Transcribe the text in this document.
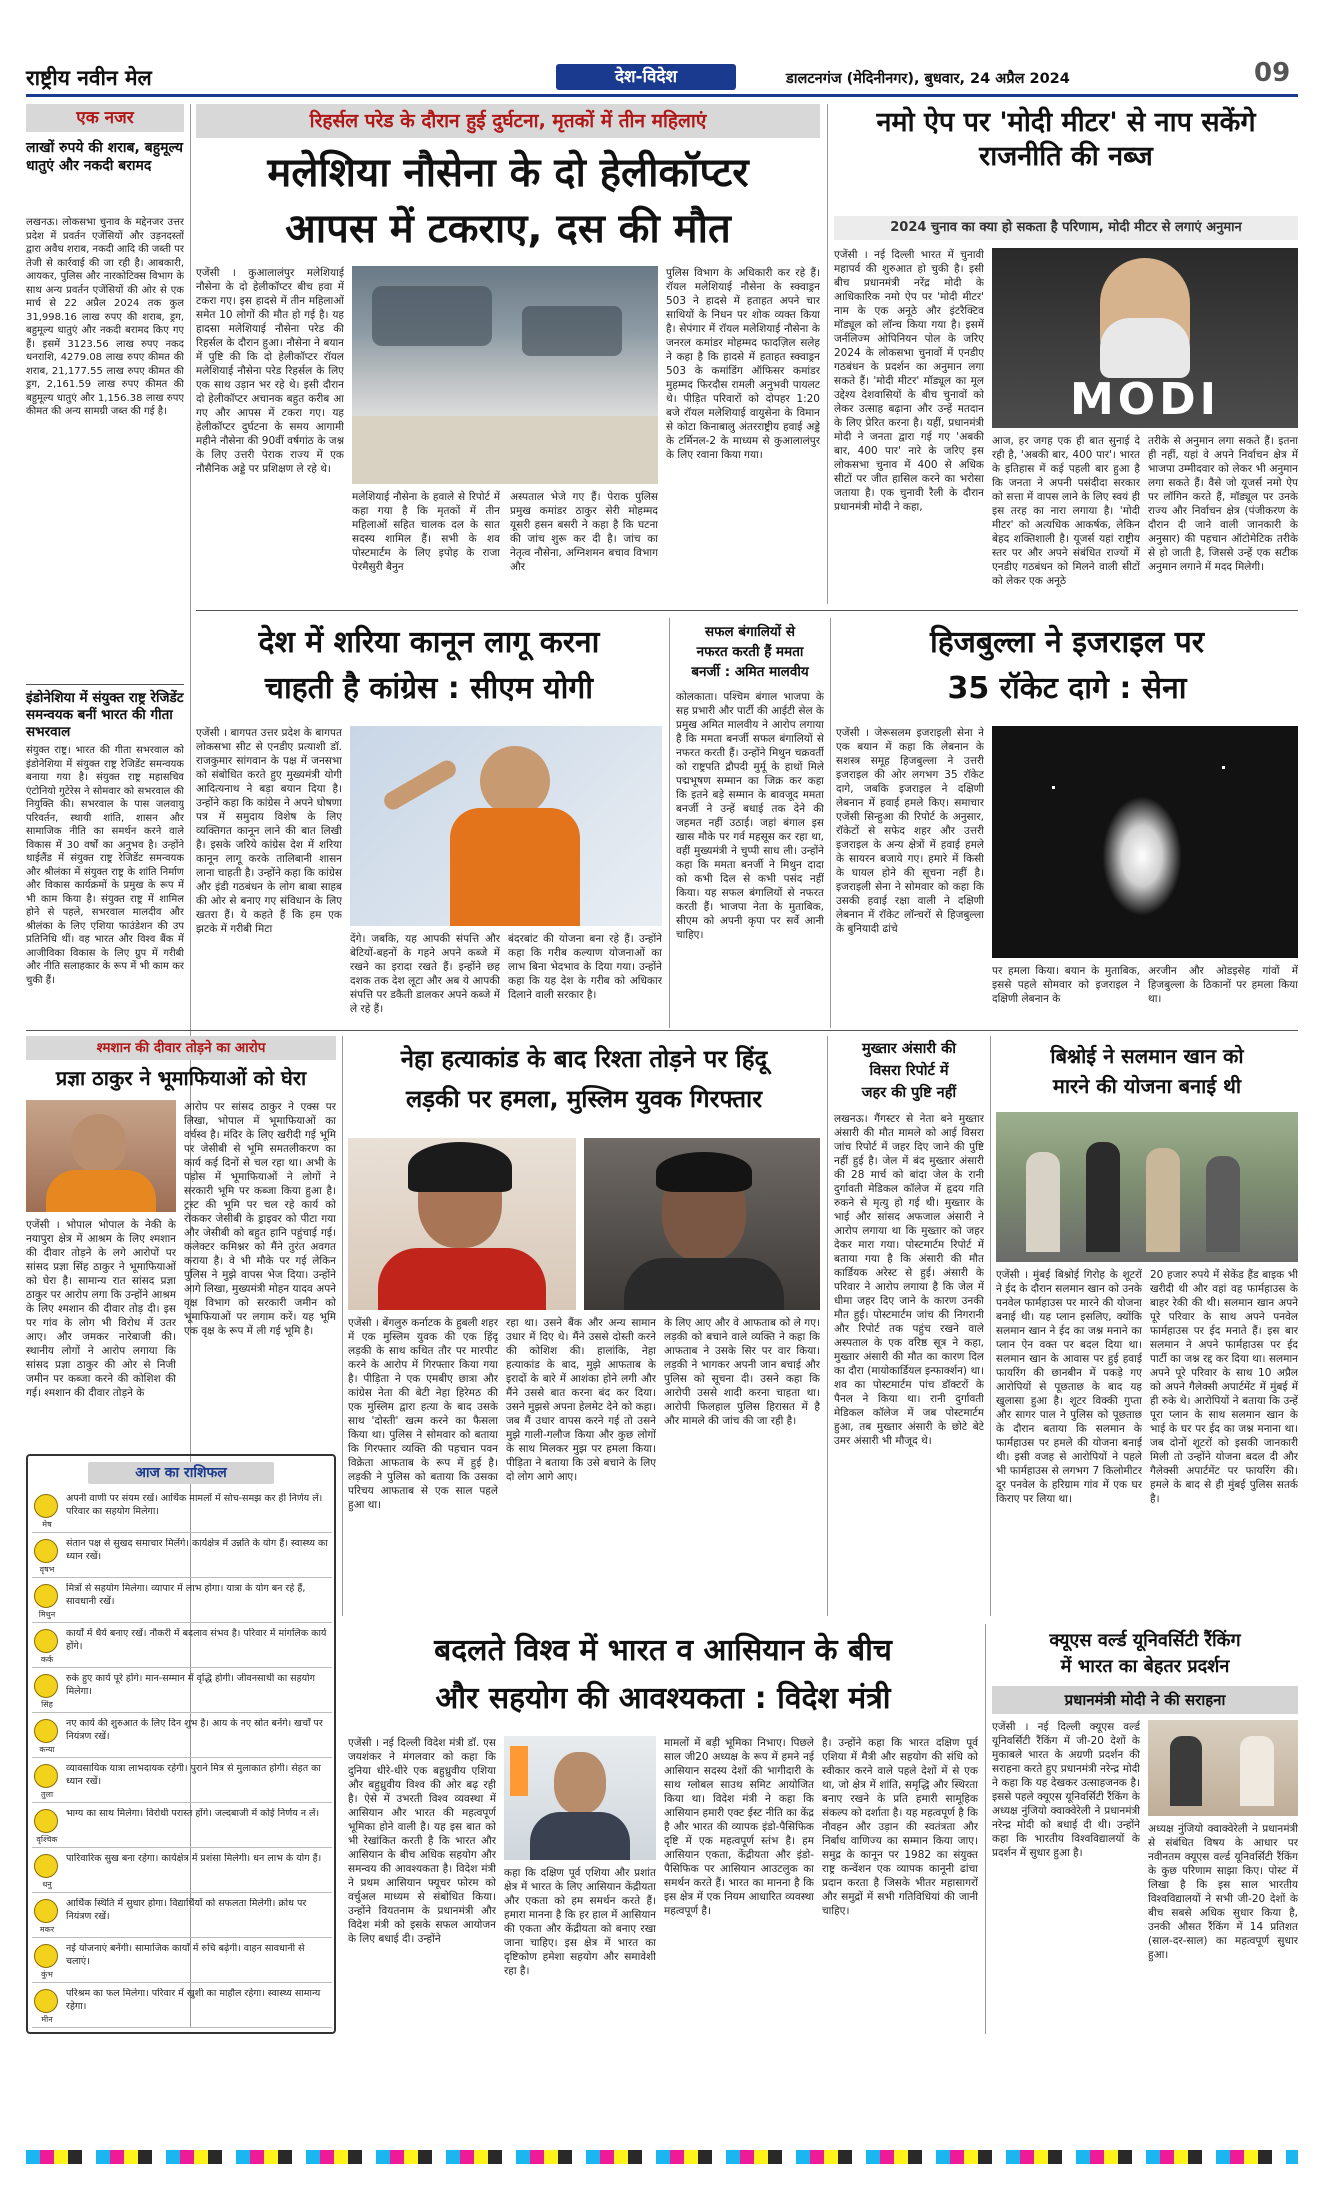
राष्ट्रीय नवीन मेल	देश-विदेश	डालटनगंज (मेदिनीनगर), बुधवार, 24 अप्रैल 2024	09
एक नजर
लाखों रुपये की शराब, बहुमूल्य धातुएं और नकदी बरामद
लखनऊ। लोकसभा चुनाव के मद्देनजर उत्तर प्रदेश में प्रवर्तन एजेंसियों और उड़नदस्तों द्वारा अवैध शराब, नकदी आदि की जब्ती पर तेजी से कार्रवाई की जा रही है। आबकारी, आयकर, पुलिस और नारकोटिक्स विभाग के साथ अन्य प्रवर्तन एजेंसियों की ओर से एक मार्च से 22 अप्रैल 2024 तक कुल 31,998.16 लाख रुपए की शराब, ड्रग, बहुमूल्य धातुएं और नकदी बरामद किए गए हैं। इसमें 3123.56 लाख रुपए नकद धनराशि, 4279.08 लाख रुपए कीमत की शराब, 21,177.55 लाख रुपए कीमत की ड्रग, 2,161.59 लाख रुपए कीमत की बहुमूल्य धातुएं और 1,156.38 लाख रुपए कीमत की अन्य सामग्री जब्त की गई है।
इंडोनेशिया में संयुक्त राष्ट्र रेजिडेंट समन्वयक बनीं भारत की गीता सभरवाल
संयुक्त राष्ट्र। भारत की गीता सभरवाल को इंडोनेशिया में संयुक्त राष्ट्र रेजिडेंट समन्वयक बनाया गया है। संयुक्त राष्ट्र महासचिव एंटोनियो गुटेरेस ने सोमवार को सभरवाल की नियुक्ति की। सभरवाल के पास जलवायु परिवर्तन, स्थायी शांति, शासन और सामाजिक नीति का समर्थन करने वाले विकास में 30 वर्षों का अनुभव है। उन्होंने थाईलैंड में संयुक्त राष्ट्र रेजिडेंट समन्वयक और श्रीलंका में संयुक्त राष्ट्र के शांति निर्माण और विकास कार्यक्रमों के प्रमुख के रूप में भी काम किया है। संयुक्त राष्ट्र में शामिल होने से पहले, सभरवाल मालदीव और श्रीलंका के लिए एशिया फाउंडेशन की उप प्रतिनिधि थीं। वह भारत और विश्व बैंक में आजीविका विकास के लिए ग्रुप में गरीबी और नीति सलाहकार के रूप में भी काम कर चुकी हैं।
रिहर्सल परेड के दौरान हुई दुर्घटना, मृतकों में तीन महिलाएं
मलेशिया नौसेना के दो हेलीकॉप्टर
आपस में टकराए, दस की मौत
एजेंसी । कुआलालंपुर मलेशियाई नौसेना के दो हेलीकॉप्टर बीच हवा में टकरा गए। इस हादसे में तीन महिलाओं समेत 10 लोगों की मौत हो गई है। यह हादसा मलेशियाई नौसेना परेड की रिहर्सल के दौरान हुआ। नौसेना ने बयान में पुष्टि की कि दो हेलीकॉप्टर रॉयल मलेशियाई नौसेना परेड रिहर्सल के लिए एक साथ उड़ान भर रहे थे। इसी दौरान दो हेलीकॉप्टर अचानक बहुत करीब आ गए और आपस में टकरा गए। यह हेलीकॉप्टर दुर्घटना के समय आगामी महीने नौसेना की 90वीं वर्षगांठ के जश्न के लिए उत्तरी पेराक राज्य में एक नौसैनिक अड्डे पर प्रशिक्षण ले रहे थे।
मलेशियाई नौसेना के हवाले से रिपोर्ट में कहा गया है कि मृतकों में तीन महिलाओं सहित चालक दल के सात सदस्य शामिल हैं। सभी के शव पोस्टमार्टम के लिए इपोह के राजा पेरमैसुरी बैनुन
अस्पताल भेजे गए हैं। पेराक पुलिस प्रमुख कमांडर ठाकुर सेरी मोहम्मद यूसरी हसन बसरी ने कहा है कि घटना की जांच शुरू कर दी है। जांच का नेतृत्व नौसेना, अग्निशमन बचाव विभाग और
पुलिस विभाग के अधिकारी कर रहे हैं। रॉयल मलेशियाई नौसेना के स्क्वाड्रन 503 ने हादसे में हताहत अपने चार साथियों के निधन पर शोक व्यक्त किया है। सेपंगार में रॉयल मलेशियाई नौसेना के जनरल कमांडर मोहम्मद फादज़िल सलेह ने कहा है कि हादसे में हताहत स्क्वाड्रन 503 के कमांडिंग ऑफिसर कमांडर मुहम्मद फिरदौस रामली अनुभवी पायलट थे। पीड़ित परिवारों को दोपहर 1:20 बजे रॉयल मलेशियाई वायुसेना के विमान से कोटा किनाबालु अंतरराष्ट्रीय हवाई अड्डे के टर्मिनल-2 के माध्यम से कुआलालंपुर के लिए रवाना किया गया।
नमो ऐप पर 'मोदी मीटर' से नाप सकेंगे राजनीति की नब्ज
2024 चुनाव का क्या हो सकता है परिणाम, मोदी मीटर से लगाएं अनुमान
एजेंसी । नई दिल्ली भारत में चुनावी महापर्व की शुरुआत हो चुकी है। इसी बीच प्रधानमंत्री नरेंद्र मोदी के आधिकारिक नमो ऐप पर 'मोदी मीटर' नाम के एक अनूठे और इंटरैक्टिव मॉड्यूल को लॉन्च किया गया है। इसमें जर्नलिज्म ओपिनियन पोल के जरिए 2024 के लोकसभा चुनावों में एनडीए गठबंधन के प्रदर्शन का अनुमान लगा सकते हैं। 'मोदी मीटर' मॉड्यूल का मूल उद्देश्य देशवासियों के बीच चुनावों को लेकर उत्साह बढ़ाना और उन्हें मतदान के लिए प्रेरित करना है। यहीं, प्रधानमंत्री मोदी ने जनता द्वारा गई गए 'अबकी बार, 400 पार' नारे के जरिए इस लोकसभा चुनाव में 400 से अधिक सीटों पर जीत हासिल करने का भरोसा जताया है। एक चुनावी रैली के दौरान प्रधानमंत्री मोदी ने कहा,
MODI
आज, हर जगह एक ही बात सुनाई दे रही है, 'अबकी बार, 400 पार'। भारत के इतिहास में कई पहली बार हुआ है कि जनता ने अपनी पसंदीदा सरकार को सत्ता में वापस लाने के लिए स्वयं ही इस तरह का नारा लगाया है। 'मोदी मीटर' को अत्यधिक आकर्षक, लेकिन बेहद शक्तिशाली है। यूजर्स यहां राष्ट्रीय स्तर पर और अपने संबंधित राज्यों में एनडीए गठबंधन को मिलने वाली सीटों को लेकर एक अनूठे
तरीके से अनुमान लगा सकते हैं। इतना ही नहीं, यहां वे अपने निर्वाचन क्षेत्र में भाजपा उम्मीदवार को लेकर भी अनुमान लगा सकते हैं। वैसे जो यूजर्स नमो ऐप पर लॉगिन करते हैं, मॉड्यूल पर उनके राज्य और निर्वाचन क्षेत्र (पंजीकरण के दौरान दी जाने वाली जानकारी के अनुसार) की पहचान ऑटोमेटिक तरीके से हो जाती है, जिससे उन्हें एक सटीक अनुमान लगाने में मदद मिलेगी।
देश में शरिया कानून लागू करना
चाहती है कांग्रेस : सीएम योगी
एजेंसी । बागपत उत्तर प्रदेश के बागपत लोकसभा सीट से एनडीए प्रत्याशी डॉ. राजकुमार सांगवान के पक्ष में जनसभा को संबोधित करते हुए मुख्यमंत्री योगी आदित्यनाथ ने बड़ा बयान दिया है। उन्होंने कहा कि कांग्रेस ने अपने घोषणा पत्र में समुदाय विशेष के लिए व्यक्तिगत कानून लाने की बात लिखी है। इसके जरिये कांग्रेस देश में शरिया कानून लागू करके तालिबानी शासन लाना चाहती है। उन्होंने कहा कि कांग्रेस और इंडी गठबंधन के लोग बाबा साहब की ओर से बनाए गए संविधान के लिए खतरा हैं। ये कहते हैं कि हम एक झटके में गरीबी मिटा
देंगे। जबकि, यह आपकी संपत्ति और बेटियों-बहनों के गहने अपने कब्जे में रखने का इरादा रखते हैं। इन्होंने छह दशक तक देश लूटा और अब ये आपकी संपत्ति पर डकैती डालकर अपने कब्जे में ले रहे हैं।
बंदरबांट की योजना बना रहे हैं। उन्होंने कहा कि गरीब कल्याण योजनाओं का लाभ बिना भेदभाव के दिया गया। उन्होंने कहा कि यह देश के गरीब को अधिकार दिलाने वाली सरकार है।
सफल बंगालियों से
नफरत करती हैं ममता
बनर्जी : अमित मालवीय
कोलकाता। पश्चिम बंगाल भाजपा के सह प्रभारी और पार्टी की आईटी सेल के प्रमुख अमित मालवीय ने आरोप लगाया है कि ममता बनर्जी सफल बंगालियों से नफरत करती हैं। उन्होंने मिथुन चक्रवर्ती को राष्ट्रपति द्रौपदी मुर्मू के हाथों मिले पद्मभूषण सम्मान का जिक्र कर कहा कि इतने बड़े सम्मान के बावजूद ममता बनर्जी ने उन्हें बधाई तक देने की जहमत नहीं उठाई। जहां बंगाल इस खास मौके पर गर्व महसूस कर रहा था, वहीं मुख्यमंत्री ने चुप्पी साध ली। उन्होंने कहा कि ममता बनर्जी ने मिथुन दादा को कभी दिल से कभी पसंद नहीं किया। यह सफल बंगालियों से नफरत करती हैं। भाजपा नेता के मुताबिक, सीएम को अपनी कृपा पर सर्वे आनी चाहिए।
हिजबुल्ला ने इजराइल पर
35 रॉकेट दागे : सेना
एजेंसी । जेरूसलम इजराइली सेना ने एक बयान में कहा कि लेबनान के सशस्त्र समूह हिजबुल्ला ने उत्तरी इजराइल की ओर लगभग 35 रॉकेट दागे, जबकि इजराइल ने दक्षिणी लेबनान में हवाई हमले किए। समाचार एजेंसी सिन्हुआ की रिपोर्ट के अनुसार, रॉकेटों से सफेद शहर और उत्तरी इजराइल के अन्य क्षेत्रों में हवाई हमले के सायरन बजाये गए। हमारे में किसी के घायल होने की सूचना नहीं है। इजराइली सेना ने सोमवार को कहा कि उसकी हवाई रक्षा वाली ने दक्षिणी लेबनान में रॉकेट लॉन्चरों से हिजबुल्ला के बुनियादी ढांचे
पर हमला किया। बयान के मुताबिक, इससे पहले सोमवार को इजराइल ने दक्षिणी लेबनान के
अरजीन और ओडइसेह गांवों में हिजबुल्ला के ठिकानों पर हमला किया था।
श्मशान की दीवार तोड़ने का आरोप
प्रज्ञा ठाकुर ने भूमाफियाओं को घेरा
एजेंसी । भोपाल भोपाल के नेकी के नयापुरा क्षेत्र में आश्रम के लिए श्मशान की दीवार तोड़ने के लगे आरोपों पर सांसद प्रज्ञा सिंह ठाकुर ने भूमाफियाओं को घेरा है। सामान्य रात सांसद प्रज्ञा ठाकुर पर आरोप लगा कि उन्होंने आश्रम के लिए श्मशान की दीवार तोड़ दी। इस पर गांव के लोग भी विरोध में उतर आए। और जमकर नारेबाजी की। स्थानीय लोगों ने आरोप लगाया कि सांसद प्रज्ञा ठाकुर की ओर से निजी जमीन पर कब्जा करने की कोशिश की गई। श्मशान की दीवार तोड़ने के
आरोप पर सांसद ठाकुर ने एक्स पर लिखा, भोपाल में भूमाफियाओं का वर्चस्व है। मंदिर के लिए खरीदी गई भूमि पर जेसीबी से भूमि समतलीकरण का कार्य कई दिनों से चल रहा था। अभी के पड़ोस में भूमाफियाओं ने लोगों ने सरकारी भूमि पर कब्जा किया हुआ है। ट्रस्ट की भूमि पर चल रहे कार्य को रोककर जेसीबी के ड्राइवर को पीटा गया और जेसीबी को बहुत हानि पहुंचाई गई। कलेक्टर कमिश्नर को मैंने तुरंत अवगत कराया है। वे भी मौके पर गई लेकिन पुलिस ने मुझे वापस भेज दिया। उन्होंने आगे लिखा, मुख्यमंत्री मोहन यादव अपने वृक्ष विभाग को सरकारी जमीन को भूमाफियाओं पर लगाम करें। यह भूमि एक वृक्ष के रूप में ली गई भूमि है।
नेहा हत्याकांड के बाद रिश्ता तोड़ने पर हिंदू
लड़की पर हमला, मुस्लिम युवक गिरफ्तार
एजेंसी । बेंगलुरु कर्नाटक के हुबली शहर में एक मुस्लिम युवक की एक हिंदू लड़की के साथ कथित तौर पर मारपीट करने के आरोप में गिरफ्तार किया गया है। पीड़िता ने एक एमबीए छात्रा और कांग्रेस नेता की बेटी नेहा हिरेमठ की एक मुस्लिम द्वारा हत्या के बाद उसके साथ 'दोस्ती' खत्म करने का फैसला किया था। पुलिस ने सोमवार को बताया कि गिरफ्तार व्यक्ति की पहचान पवन विक्रेता आफताब के रूप में हुई है। लड़की ने पुलिस को बताया कि उसका परिचय आफताब से एक साल पहले हुआ था।
रहा था। उसने बैंक और अन्य सामान उधार में दिए थे। मैंने उससे दोस्ती करने की कोशिश की। हालांकि, नेहा हत्याकांड के बाद, मुझे आफताब के इरादों के बारे में आशंका होने लगी और मैंने उससे बात करना बंद कर दिया। उसने मुझसे अपना हेलमेट देने को कहा। जब मैं उधार वापस करने गई तो उसने मुझे गाली-गलौज किया और कुछ लोगों के साथ मिलकर मुझ पर हमला किया। पीड़िता ने बताया कि उसे बचाने के लिए दो लोग आगे आए।
के लिए आए और वे आफताब को ले गए। लड़की को बचाने वाले व्यक्ति ने कहा कि आफताब ने उसके सिर पर वार किया। लड़की ने भागकर अपनी जान बचाई और पुलिस को सूचना दी। उसने कहा कि आरोपी उससे शादी करना चाहता था। आरोपी फिलहाल पुलिस हिरासत में है और मामले की जांच की जा रही है।
मुख्तार अंसारी की
विसरा रिपोर्ट में
जहर की पुष्टि नहीं
लखनऊ। गैंगस्टर से नेता बने मुख्तार अंसारी की मौत मामले को आई विसरा जांच रिपोर्ट में जहर दिए जाने की पुष्टि नहीं हुई है। जेल में बंद मुख्तार अंसारी की 28 मार्च को बांदा जेल के रानी दुर्गावती मेडिकल कॉलेज में हृदय गति रुकने से मृत्यु हो गई थी। मुख्तार के भाई और सांसद अफजाल अंसारी ने आरोप लगाया था कि मुख्तार को जहर देकर मारा गया। पोस्टमार्टम रिपोर्ट में बताया गया है कि अंसारी की मौत कार्डियक अरेस्ट से हुई। अंसारी के परिवार ने आरोप लगाया है कि जेल में धीमा जहर दिए जाने के कारण उनकी मौत हुई। पोस्टमार्टम जांच की निगरानी और रिपोर्ट तक पहुंच रखने वाले अस्पताल के एक वरिष्ठ सूत्र ने कहा, मुख्तार अंसारी की मौत का कारण दिल का दौरा (मायोकार्डियल इन्फार्क्शन) था। शव का पोस्टमार्टम पांच डॉक्टरों के पैनल ने किया था। रानी दुर्गावती मेडिकल कॉलेज में जब पोस्टमार्टम हुआ, तब मुख्तार अंसारी के छोटे बेटे उमर अंसारी भी मौजूद थे।
बिश्नोई ने सलमान खान को
मारने की योजना बनाई थी
एजेंसी । मुंबई बिश्नोई गिरोह के शूटरों ने ईद के दौरान सलमान खान को उनके पनवेल फार्महाउस पर मारने की योजना बनाई थी। यह प्लान इसलिए, क्योंकि सलमान खान ने ईद का जश्न मनाने का प्लान ऐन वक्त पर बदल दिया था। सलमान खान के आवास पर हुई हवाई फायरिंग की छानबीन में पकड़े गए आरोपियों से पूछताछ के बाद यह खुलासा हुआ है। शूटर विक्की गुप्ता और सागर पाल ने पुलिस को पूछताछ के दौरान बताया कि सलमान के फार्महाउस पर हमले की योजना बनाई थी। इसी वजह से आरोपियों ने पहले भी फार्महाउस से लगभग 7 किलोमीटर दूर पनवेल के हरिग्राम गांव में एक घर किराए पर लिया था।
20 हजार रुपये में सेकेंड हैंड बाइक भी खरीदी थी और वहां वह फार्महाउस के बाहर रेकी की थी। सलमान खान अपने पूरे परिवार के साथ अपने पनवेल फार्महाउस पर ईद मनाते हैं। इस बार सलमान ने अपने फार्महाउस पर ईद पार्टी का जश्न रद्द कर दिया था। सलमान अपने पूरे परिवार के साथ 10 अप्रैल को अपने गैलेक्सी अपार्टमेंट में मुंबई में ही रुके थे। आरोपियों ने बताया कि उन्हें पूरा प्लान के साथ सलमान खान के भाई के घर पर ईद का जश्न मनाना था। जब दोनों शूटरों को इसकी जानकारी मिली तो उन्होंने योजना बदल दी और गैलेक्सी अपार्टमेंट पर फायरिंग की। हमले के बाद से ही मुंबई पुलिस सतर्क है।
आज का राशिफल
मेष
अपनी वाणी पर संयम रखें। आर्थिक मामलों में सोच-समझ कर ही निर्णय लें। परिवार का सहयोग मिलेगा।
वृषभ
संतान पक्ष से सुखद समाचार मिलेंगे। कार्यक्षेत्र में उन्नति के योग हैं। स्वास्थ्य का ध्यान रखें।
मिथुन
मित्रों से सहयोग मिलेगा। व्यापार में लाभ होगा। यात्रा के योग बन रहे हैं, सावधानी रखें।
कर्क
कार्यों में धैर्य बनाए रखें। नौकरी में बदलाव संभव है। परिवार में मांगलिक कार्य होंगे।
सिंह
रुके हुए कार्य पूरे होंगे। मान-सम्मान में वृद्धि होगी। जीवनसाथी का सहयोग मिलेगा।
कन्या
नए कार्य की शुरुआत के लिए दिन शुभ है। आय के नए स्रोत बनेंगे। खर्चों पर नियंत्रण रखें।
तुला
व्यावसायिक यात्रा लाभदायक रहेगी। पुराने मित्र से मुलाकात होगी। सेहत का ध्यान रखें।
वृश्चिक
भाग्य का साथ मिलेगा। विरोधी परास्त होंगे। जल्दबाजी में कोई निर्णय न लें।
धनु
पारिवारिक सुख बना रहेगा। कार्यक्षेत्र में प्रशंसा मिलेगी। धन लाभ के योग हैं।
मकर
आर्थिक स्थिति में सुधार होगा। विद्यार्थियों को सफलता मिलेगी। क्रोध पर नियंत्रण रखें।
कुंभ
नई योजनाएं बनेंगी। सामाजिक कार्यों में रुचि बढ़ेगी। वाहन सावधानी से चलाएं।
मीन
परिश्रम का फल मिलेगा। परिवार में खुशी का माहौल रहेगा। स्वास्थ्य सामान्य रहेगा।
बदलते विश्व में भारत व आसियान के बीच
और सहयोग की आवश्यकता : विदेश मंत्री
एजेंसी । नई दिल्ली विदेश मंत्री डॉ. एस जयशंकर ने मंगलवार को कहा कि दुनिया धीरे-धीरे एक बहुध्रुवीय एशिया और बहुध्रुवीय विश्व की ओर बढ़ रही है। ऐसे में उभरती विश्व व्यवस्था में आसियान और भारत की महत्वपूर्ण भूमिका होने वाली है। यह इस बात को भी रेखांकित करती है कि भारत और आसियान के बीच अधिक सहयोग और समन्वय की आवश्यकता है। विदेश मंत्री ने प्रथम आसियान फ्यूचर फोरम को वर्चुअल माध्यम से संबोधित किया। उन्होंने वियतनाम के प्रधानमंत्री और विदेश मंत्री को इसके सफल आयोजन के लिए बधाई दी। उन्होंने
कहा कि दक्षिण पूर्व एशिया और प्रशांत क्षेत्र में भारत के लिए आसियान केंद्रीयता और एकता को हम समर्थन करते हैं। हमारा मानना है कि हर हाल में आसियान की एकता और केंद्रीयता को बनाए रखा जाना चाहिए। इस क्षेत्र में भारत का दृष्टिकोण हमेशा सहयोग और समावेशी रहा है।
मामलों में बड़ी भूमिका निभाए। पिछले साल जी20 अध्यक्ष के रूप में हमने नई आसियान सदस्य देशों की भागीदारी के साथ ग्लोबल साउथ समिट आयोजित किया था। विदेश मंत्री ने कहा कि आसियान हमारी एक्ट ईस्ट नीति का केंद्र है और भारत की व्यापक इंडो-पैसिफिक दृष्टि में एक महत्वपूर्ण स्तंभ है। हम आसियान एकता, केंद्रीयता और इंडो-पैसिफिक पर आसियान आउटलुक का समर्थन करते हैं। भारत का मानना है कि इस क्षेत्र में एक नियम आधारित व्यवस्था महत्वपूर्ण है।
है। उन्होंने कहा कि भारत दक्षिण पूर्व एशिया में मैत्री और सहयोग की संधि को स्वीकार करने वाले पहले देशों में से एक था, जो क्षेत्र में शांति, समृद्धि और स्थिरता बनाए रखने के प्रति हमारी सामूहिक संकल्प को दर्शाता है। यह महत्वपूर्ण है कि नौवहन और उड़ान की स्वतंत्रता और निर्बाध वाणिज्य का सम्मान किया जाए। समुद्र के कानून पर 1982 का संयुक्त राष्ट्र कन्वेंशन एक व्यापक कानूनी ढांचा प्रदान करता है जिसके भीतर महासागरों और समुद्रों में सभी गतिविधियां की जानी चाहिए।
क्यूएस वर्ल्ड यूनिवर्सिटी रैंकिंग
में भारत का बेहतर प्रदर्शन
प्रधानमंत्री मोदी ने की सराहना
एजेंसी । नई दिल्ली क्यूएस वर्ल्ड यूनिवर्सिटी रैंकिंग में जी-20 देशों के मुकाबले भारत के अग्रणी प्रदर्शन की सराहना करते हुए प्रधानमंत्री नरेन्द्र मोदी ने कहा कि यह देखकर उत्साहजनक है। इससे पहले क्यूएस यूनिवर्सिटी रैंकिंग के अध्यक्ष नुंजियो क्वाक्वेरेली ने प्रधानमंत्री नरेन्द्र मोदी को बधाई दी थी। उन्होंने कहा कि भारतीय विश्वविद्यालयों के प्रदर्शन में सुधार हुआ है।
अध्यक्ष नुंजियो क्वाक्वेरेली ने प्रधानमंत्री से संबंधित विषय के आधार पर नवीनतम क्यूएस वर्ल्ड यूनिवर्सिटी रैंकिंग के कुछ परिणाम साझा किए। पोस्ट में लिखा है कि इस साल भारतीय विश्वविद्यालयों ने सभी जी-20 देशों के बीच सबसे अधिक सुधार किया है, उनकी औसत रैंकिंग में 14 प्रतिशत (साल-दर-साल) का महत्वपूर्ण सुधार हुआ।
